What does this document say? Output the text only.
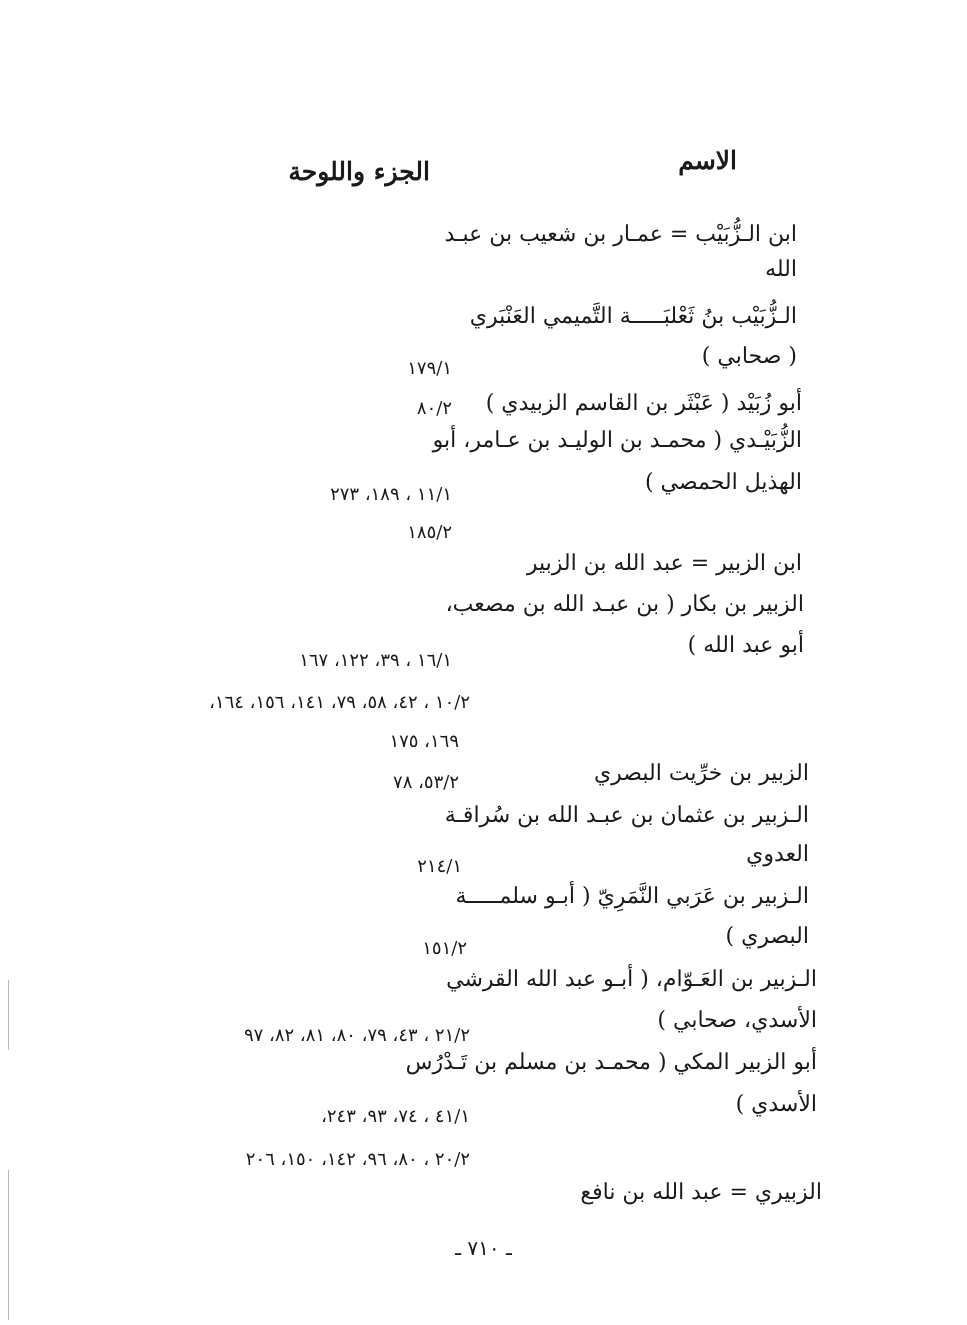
الاسم
الجزء واللوحة
ابن الـزُّبَيْب = عمـار بن شعيب بن عبـد
الله
الـزُّبَيْب بنُ ثَعْلبَـــــة التَّميمي العَنْبَري
( صحابي )
١٧٩/١
أبو زُبَيْد ( عَبْثَر بن القاسم الزبيدي )
٨٠/٢
الزُّبَيْـدي ( محمـد بن الوليـد بن عـامر، أبو
الهذيل الحمصي )
١١/١ ، ١٨٩، ٢٧٣
١٨٥/٢
ابن الزبير = عبد الله بن الزبير
الزبير بن بكار ( بن عبـد الله بن مصعب،
أبو عبد الله )
١٦/١ ، ٣٩، ١٢٢، ١٦٧
١٠/٢ ، ٤٢، ٥٨، ٧٩، ١٤١، ١٥٦، ١٦٤،
١٦٩، ١٧٥
الزبير بن خرِّيت البصري
٥٣/٢، ٧٨
الـزبير بن عثمان بن عبـد الله بن سُراقـة
العدوي
٢١٤/١
الـزبير بن عَرَبي النَّمَرِيّ ( أبـو سلمـــــة
البصري )
١٥١/٢
الـزبير بن العَـوّام، ( أبـو عبد الله القرشي
الأسدي، صحابي )
٢١/٢ ، ٤٣، ٧٩، ٨٠، ٨١، ٨٢، ٩٧
أبو الزبير المكي ( محمـد بن مسلم بن تَـدْرُس
الأسدي )
٤١/١ ، ٧٤، ٩٣، ٢٤٣،
٢٠/٢ ، ٨٠، ٩٦، ١٤٢، ١٥٠، ٢٠٦
الزبيري = عبد الله بن نافع
ـ ٧١٠ ـ
